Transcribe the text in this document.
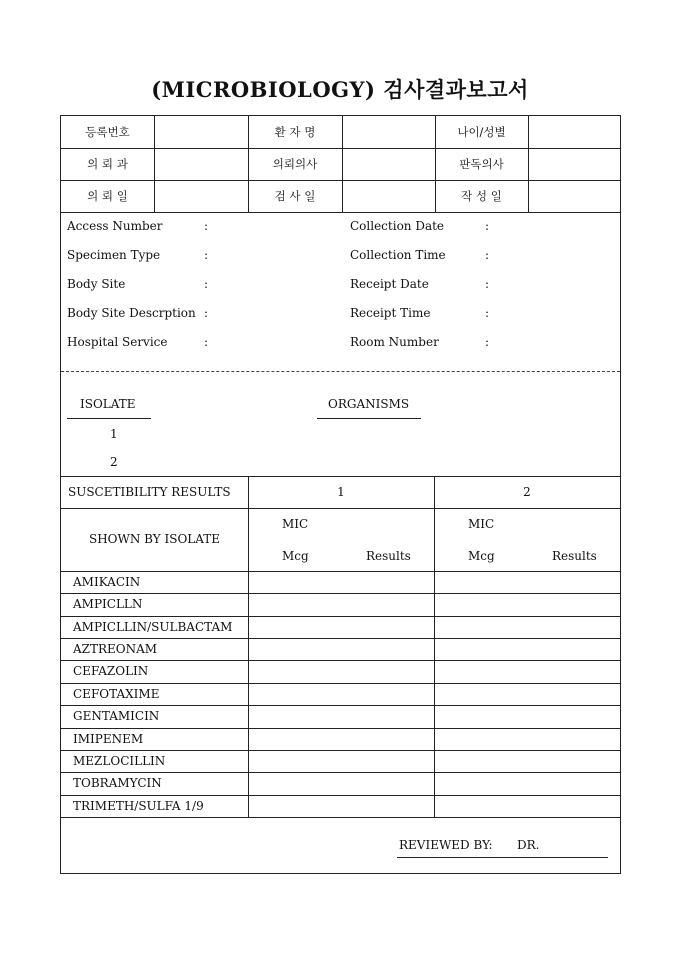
(MICROBIOLOGY) 검사결과보고서
등록번호	환 자 명	나이/성별
의 뢰 과	의뢰의사	판독의사
의 뢰 일	검 사 일	작 성 일
Access Number	:
Specimen Type	:
Body Site	:
Body Site Descrption :
Hospital Service	:
Collection Date	:
Collection Time	:
Receipt Date	:
Receipt Time	:
Room Number	:
ISOLATE	ORGANISMS
1
2
SUSCETIBILITY RESULTS	1	2
SHOWN BY ISOLATE
MIC
Mcg	Results
MIC
Mcg	Results
AMIKACIN
AMPICLLN
AMPICLLIN/SULBACTAM
AZTREONAM
CEFAZOLIN
CEFOTAXIME
GENTAMICIN
IMIPENEM
MEZLOCILLIN
TOBRAMYCIN
TRIMETH/SULFA 1/9
REVIEWED BY: DR.
